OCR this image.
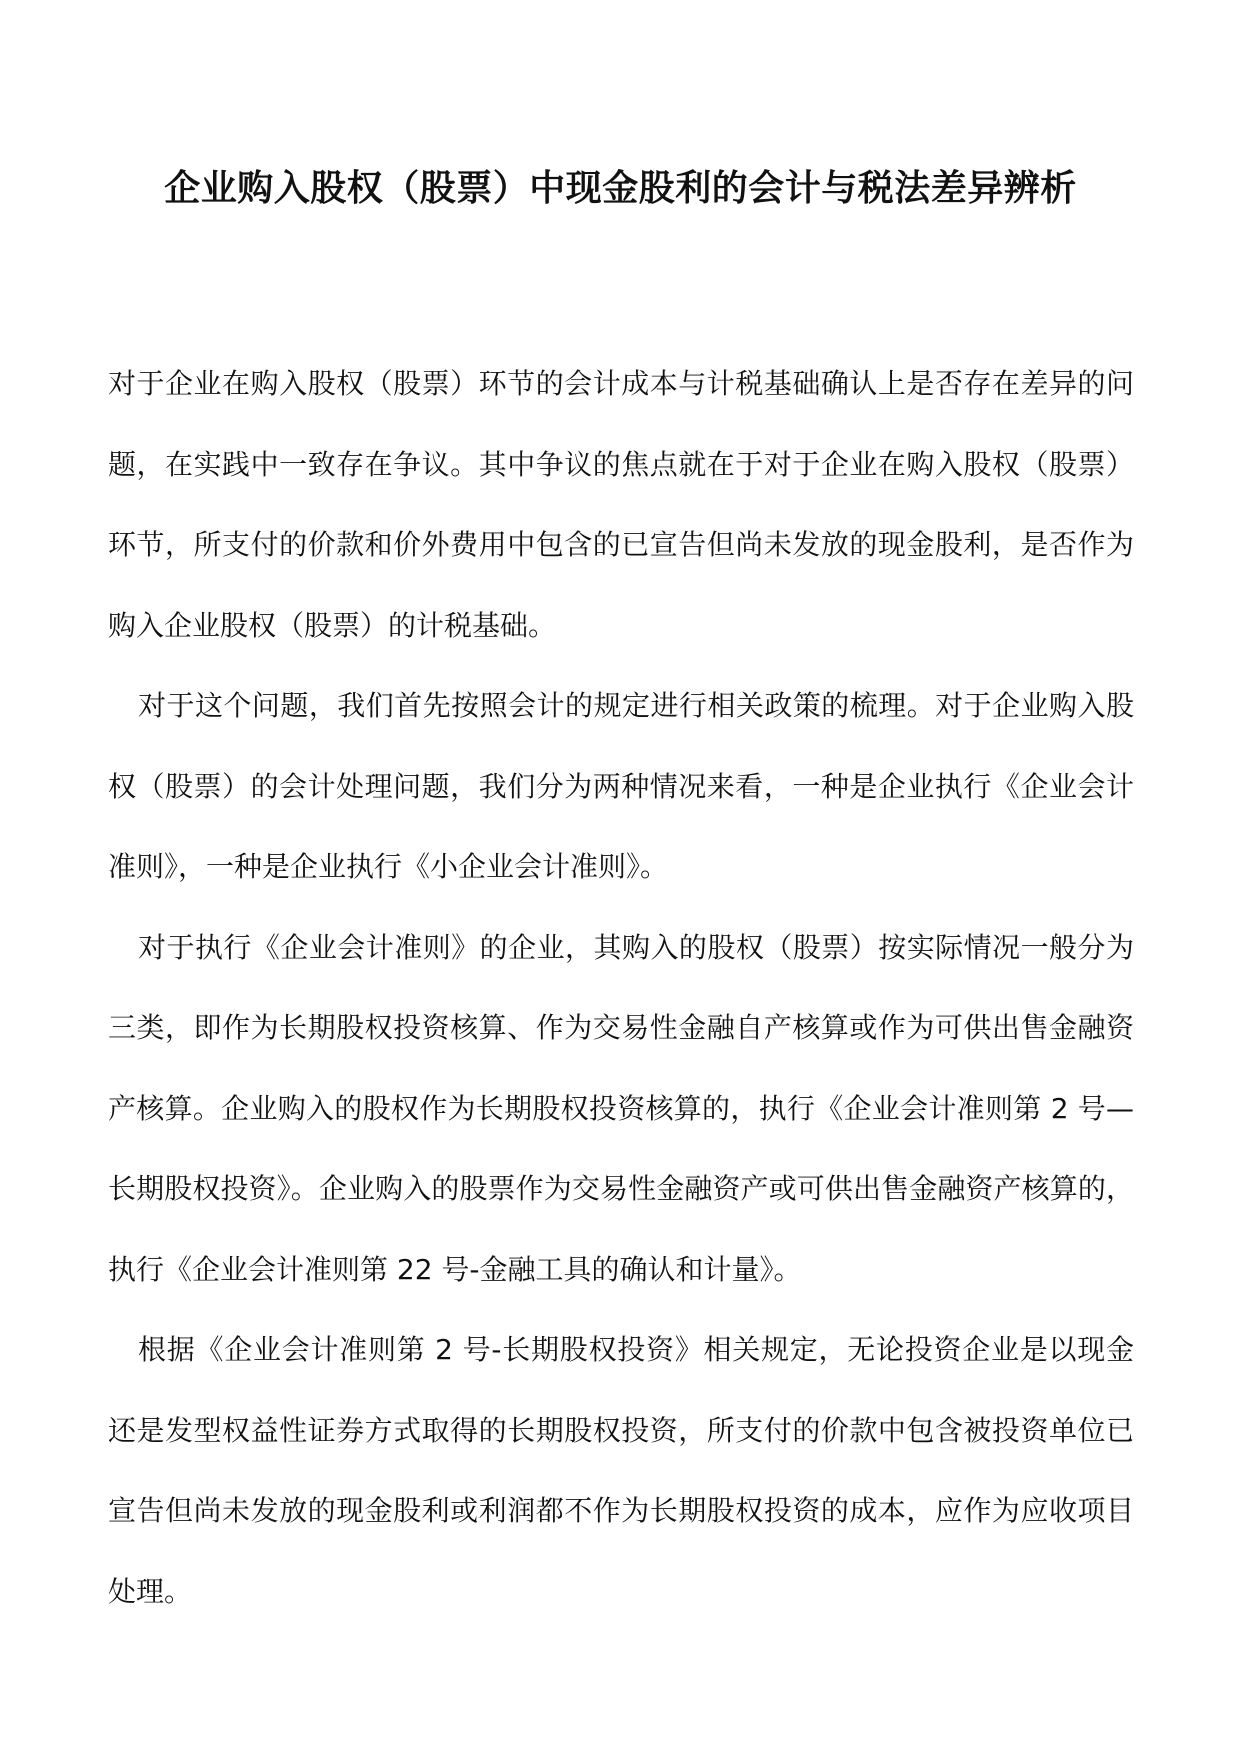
企业购入股权（股票）中现金股利的会计与税法差异辨析

对于企业在购入股权（股票）环节的会计成本与计税基础确认上是否存在差异的问题，在实践中一致存在争议。其中争议的焦点就在于对于企业在购入股权（股票）环节，所支付的价款和价外费用中包含的已宣告但尚未发放的现金股利，是否作为购入企业股权（股票）的计税基础。

对于这个问题，我们首先按照会计的规定进行相关政策的梳理。对于企业购入股权（股票）的会计处理问题，我们分为两种情况来看，一种是企业执行《企业会计准则》，一种是企业执行《小企业会计准则》。

对于执行《企业会计准则》的企业，其购入的股权（股票）按实际情况一般分为三类，即作为长期股权投资核算、作为交易性金融自产核算或作为可供出售金融资产核算。企业购入的股权作为长期股权投资核算的，执行《企业会计准则第 2 号—长期股权投资》。企业购入的股票作为交易性金融资产或可供出售金融资产核算的，执行《企业会计准则第 22 号-金融工具的确认和计量》。

根据《企业会计准则第 2 号-长期股权投资》相关规定，无论投资企业是以现金还是发型权益性证券方式取得的长期股权投资，所支付的价款中包含被投资单位已宣告但尚未发放的现金股利或利润都不作为长期股权投资的成本，应作为应收项目处理。
